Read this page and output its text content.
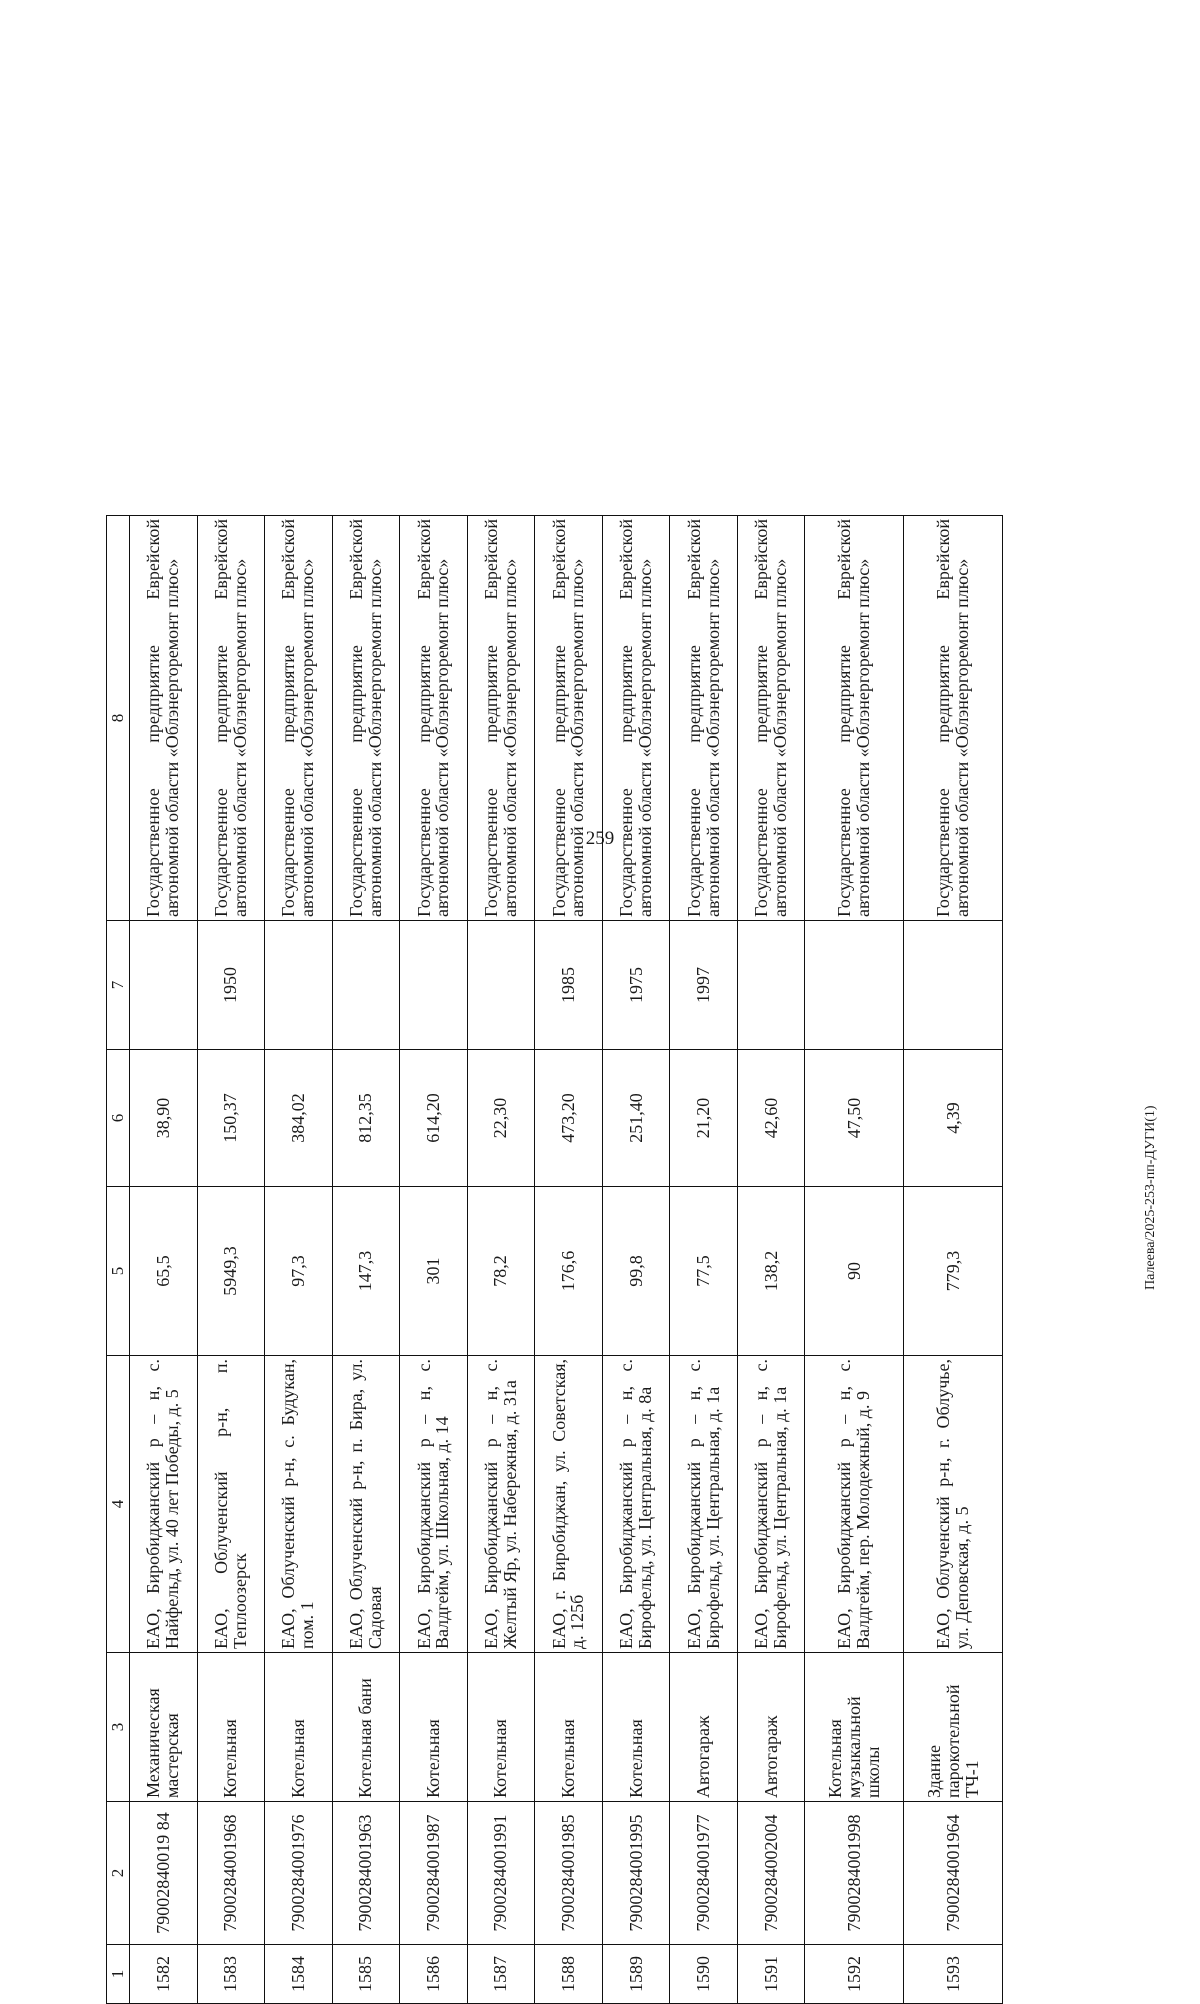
259
1	2	3	4	5	6	7	8
1582	79002840019 84	Механическая мастерская	ЕАО, Биробиджанский р – н, с. Найфельд, ул. 40 лет Победы, д. 5	65,5	38,90		Государственное предприятие Еврейской автономной области «Облэнергоремонт плюс»
1583	7900284001968	Котельная	ЕАО, Облученский р-н, п. Теплоозерск	5949,3	150,37	1950	Государственное предприятие Еврейской автономной области «Облэнергоремонт плюс»
1584	7900284001976	Котельная	ЕАО, Облученский р-н, с. Будукан, пом. 1	97,3	384,02		Государственное предприятие Еврейской автономной области «Облэнергоремонт плюс»
1585	7900284001963	Котельная бани	ЕАО, Облученский р-н, п. Бира, ул. Садовая	147,3	812,35		Государственное предприятие Еврейской автономной области «Облэнергоремонт плюс»
1586	7900284001987	Котельная	ЕАО, Биробиджанский р – н, с. Валдгейм, ул. Школьная, д. 14	301	614,20		Государственное предприятие Еврейской автономной области «Облэнергоремонт плюс»
1587	7900284001991	Котельная	ЕАО, Биробиджанский р – н, с. Желтый Яр, ул. Набережная, д. 31а	78,2	22,30		Государственное предприятие Еврейской автономной области «Облэнергоремонт плюс»
1588	7900284001985	Котельная	ЕАО, г. Биробиджан, ул. Советская, д. 125б	176,6	473,20	1985	Государственное предприятие Еврейской автономной области «Облэнергоремонт плюс»
1589	7900284001995	Котельная	ЕАО, Биробиджанский р – н, с. Бирофельд, ул. Центральная, д. 8а	99,8	251,40	1975	Государственное предприятие Еврейской автономной области «Облэнергоремонт плюс»
1590	7900284001977	Автогараж	ЕАО, Биробиджанский р – н, с. Бирофельд, ул. Центральная, д. 1а	77,5	21,20	1997	Государственное предприятие Еврейской автономной области «Облэнергоремонт плюс»
1591	7900284002004	Автогараж	ЕАО, Биробиджанский р – н, с. Бирофельд, ул. Центральная, д. 1а	138,2	42,60		Государственное предприятие Еврейской автономной области «Облэнергоремонт плюс»
1592	7900284001998	Котельная музыкальной школы	ЕАО, Биробиджанский р – н, с. Валдгейм, пер. Молодежный, д. 9	90	47,50		Государственное предприятие Еврейской автономной области «Облэнергоремонт плюс»
1593	7900284001964	Здание парокотельной ТЧ-1	ЕАО, Облученский р-н, г. Облучье, ул. Деповская, д. 5	779,3	4,39		Государственное предприятие Еврейской автономной области «Облэнергоремонт плюс»
Палеева/2025-253-пп-ДУГИ(1)
